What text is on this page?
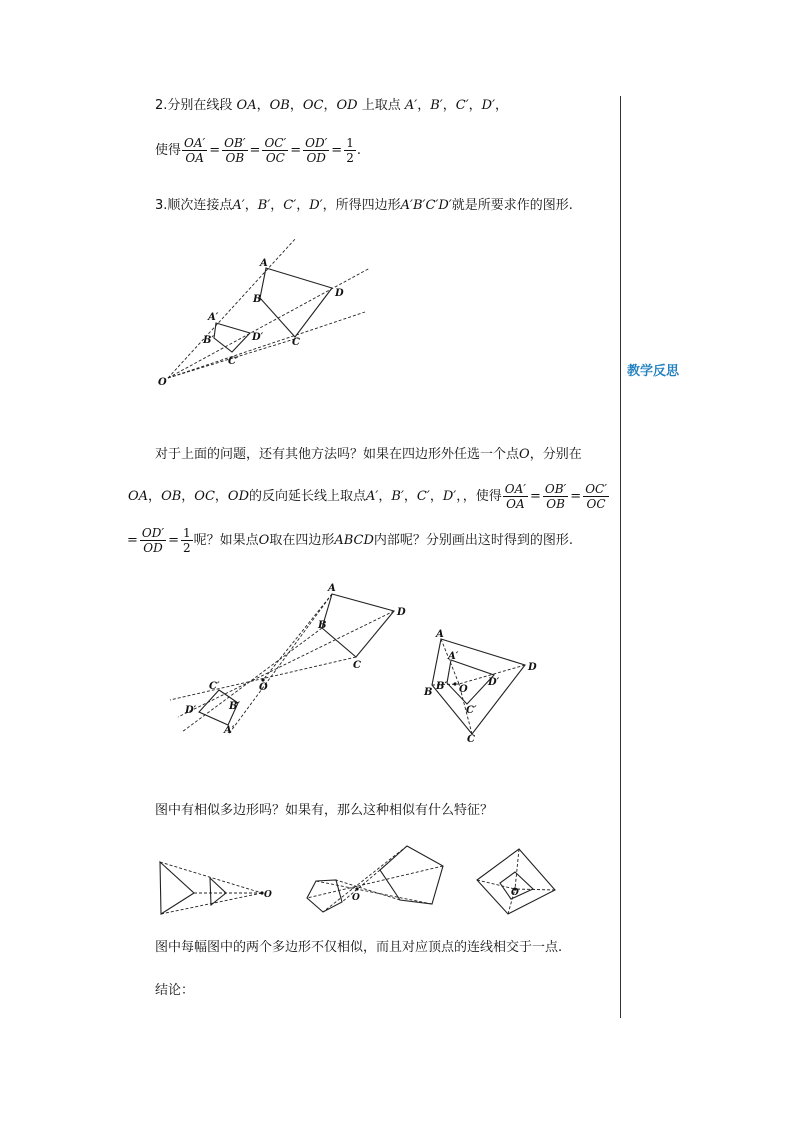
2.分别在线段 OA，OB，OC，OD 上取点 A′，B′，C′，D′，
使得 $\frac{OA'}{OA} = \frac{OB'}{OB} = \frac{OC'}{OC} = \frac{OD'}{OD} = \frac{1}{2}$ .
3.顺次连接点A′，B′，C′，D′，所得四边形A′B′C′D′就是所要求作的图形.
A
B
C
D
A′
B′
C′
D′
O
对于上面的问题，还有其他方法吗？如果在四边形外任选一个点O，分别在
OA，OB，OC，OD的反向延长线上取点A′，B′，C′，D′，，使得 $\frac{OA'}{OA} = \frac{OB'}{OB} = \frac{OC'}{OC}$
= $\frac{OD'}{OD} = \frac{1}{2}$ 呢？如果点O取在四边形ABCD内部呢？分别画出这时得到的图形.
A
B
C
D
O
A′
B′
C′
D′
A
B
C
D
A′
B′
C′
D′
O
图中有相似多边形吗？如果有，那么这种相似有什么特征？
O	O	O
图中每幅图中的两个多边形不仅相似，而且对应顶点的连线相交于一点.
结论：
教学反思
